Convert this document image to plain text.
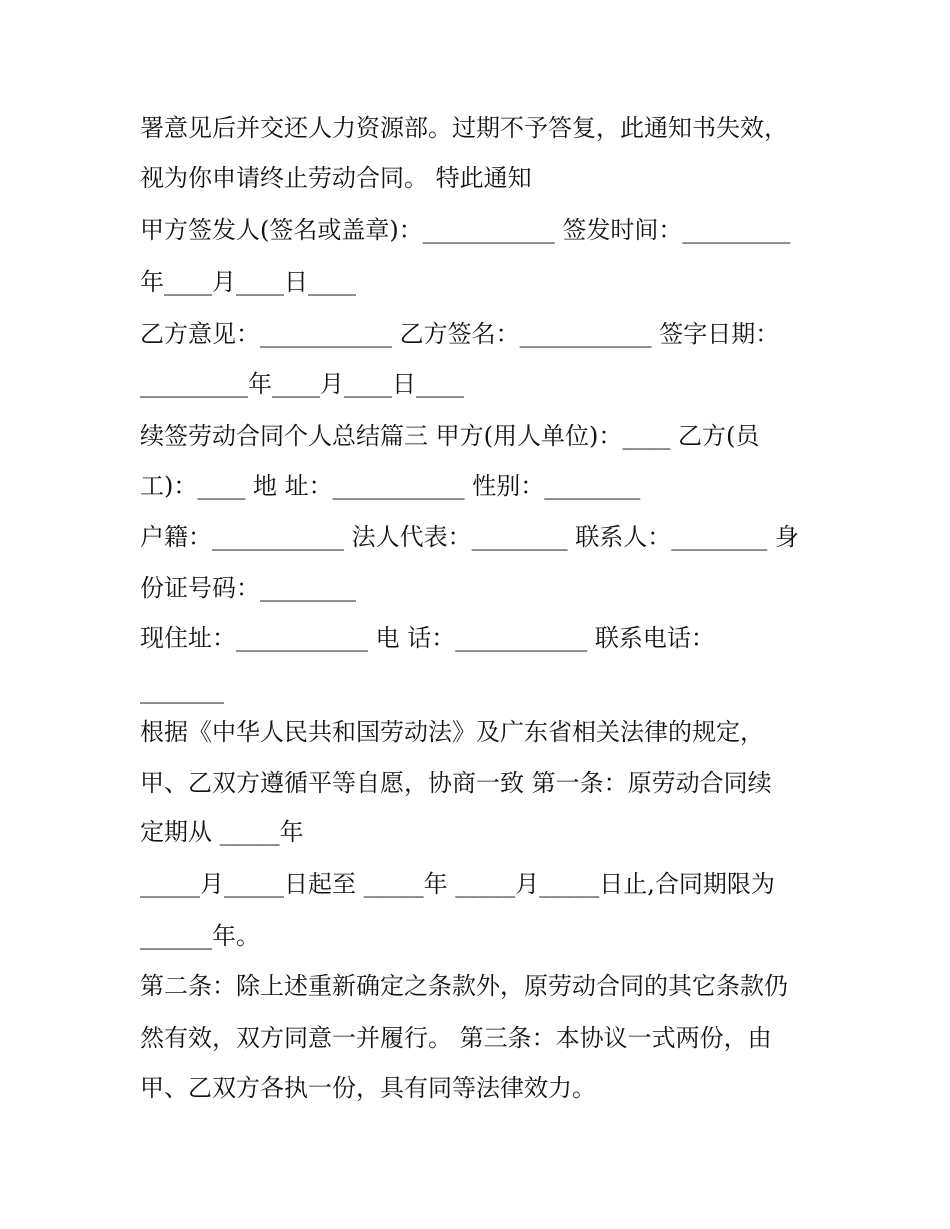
署意见后并交还人力资源部。过期不予答复，此通知书失效，
视为你申请终止劳动合同。 特此通知
甲方签发人(签名或盖章)：___________ 签发时间：_________
年____月____日____
乙方意见：___________ 乙方签名：___________ 签字日期：
_________年____月____日____
续签劳动合同个人总结篇三 甲方(用人单位)：____ 乙方(员
工)：____ 地 址：___________ 性别：________
户籍：___________ 法人代表：________ 联系人：________ 身
份证号码：________
现住址：___________ 电 话：___________ 联系电话：
_______
根据《中华人民共和国劳动法》及广东省相关法律的规定，
甲、乙双方遵循平等自愿，协商一致 第一条：原劳动合同续
定期从 _____年
_____月_____日起至 _____年 _____月_____日止,合同期限为
______年。
第二条：除上述重新确定之条款外，原劳动合同的其它条款仍
然有效，双方同意一并履行。 第三条：本协议一式两份，由
甲、乙双方各执一份，具有同等法律效力。
